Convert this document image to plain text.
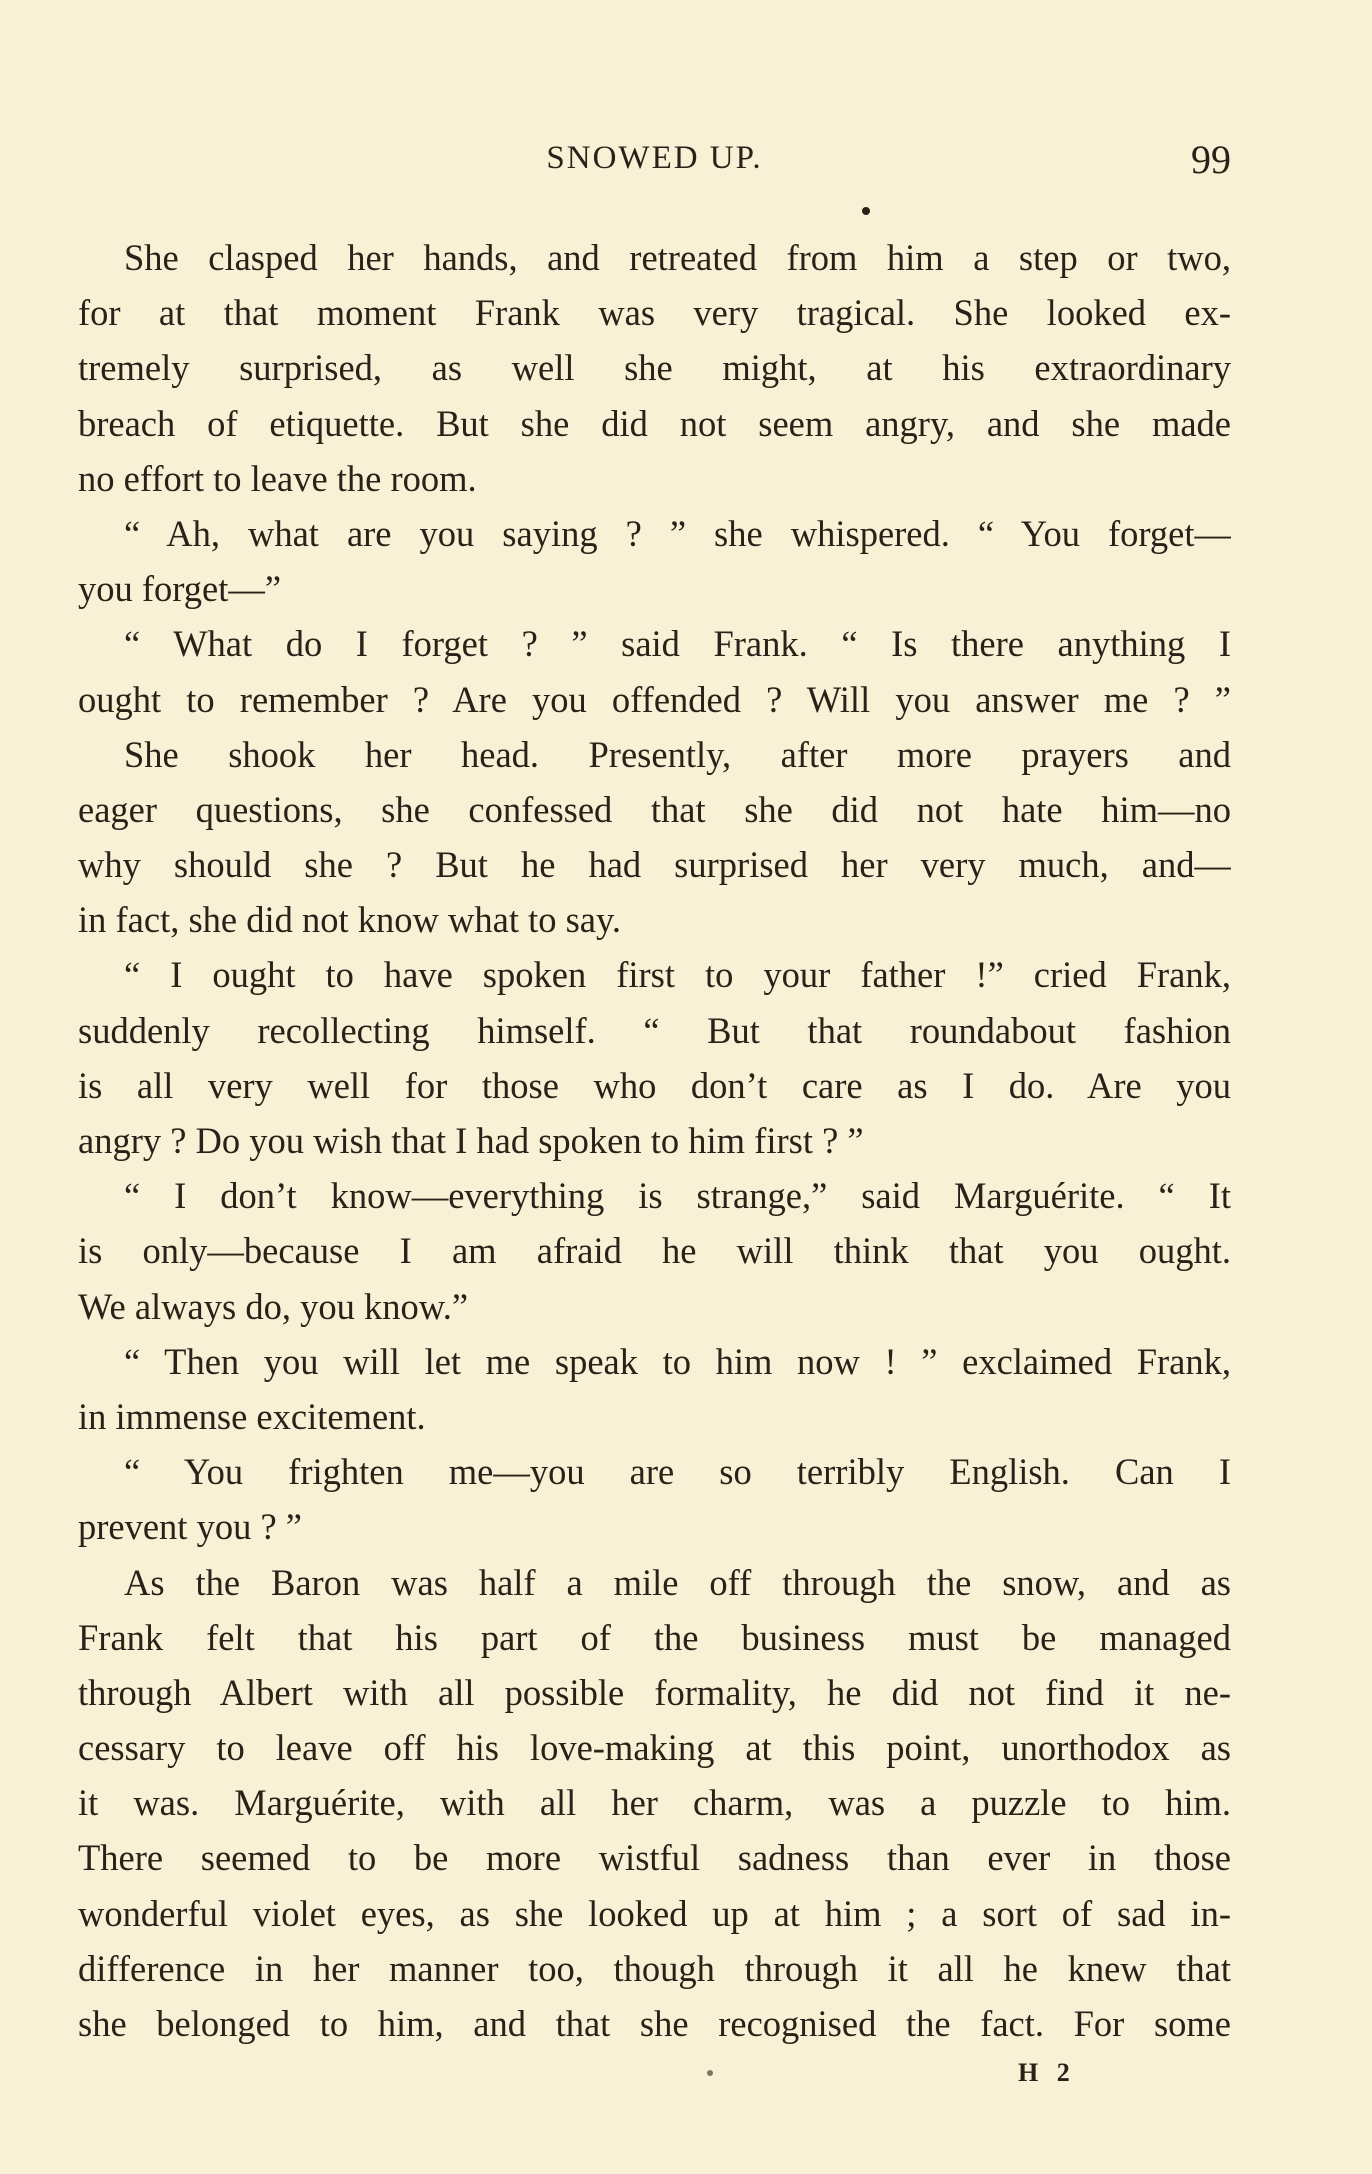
SNOWED UP.	99
She clasped her hands, and retreated from him a step or two,
for at that moment Frank was very tragical. She looked ex-
tremely surprised, as well she might, at his extraordinary
breach of etiquette. But she did not seem angry, and she made
no effort to leave the room.
“ Ah, what are you saying ? ” she whispered. “ You forget—
you forget—”
“ What do I forget ? ” said Frank. “ Is there anything I
ought to remember ? Are you offended ? Will you answer me ? ”
She shook her head. Presently, after more prayers and
eager questions, she confessed that she did not hate him—no
why should she ? But he had surprised her very much, and—
in fact, she did not know what to say.
“ I ought to have spoken first to your father !” cried Frank,
suddenly recollecting himself. “ But that roundabout fashion
is all very well for those who don’t care as I do. Are you
angry ? Do you wish that I had spoken to him first ? ”
“ I don’t know—everything is strange,” said Marguérite. “ It
is only—because I am afraid he will think that you ought.
We always do, you know.”
“ Then you will let me speak to him now ! ” exclaimed Frank,
in immense excitement.
“ You frighten me—you are so terribly English. Can I
prevent you ? ”
As the Baron was half a mile off through the snow, and as
Frank felt that his part of the business must be managed
through Albert with all possible formality, he did not find it ne-
cessary to leave off his love-making at this point, unorthodox as
it was. Marguérite, with all her charm, was a puzzle to him.
There seemed to be more wistful sadness than ever in those
wonderful violet eyes, as she looked up at him ; a sort of sad in-
difference in her manner too, though through it all he knew that
she belonged to him, and that she recognised the fact. For some
H 2
